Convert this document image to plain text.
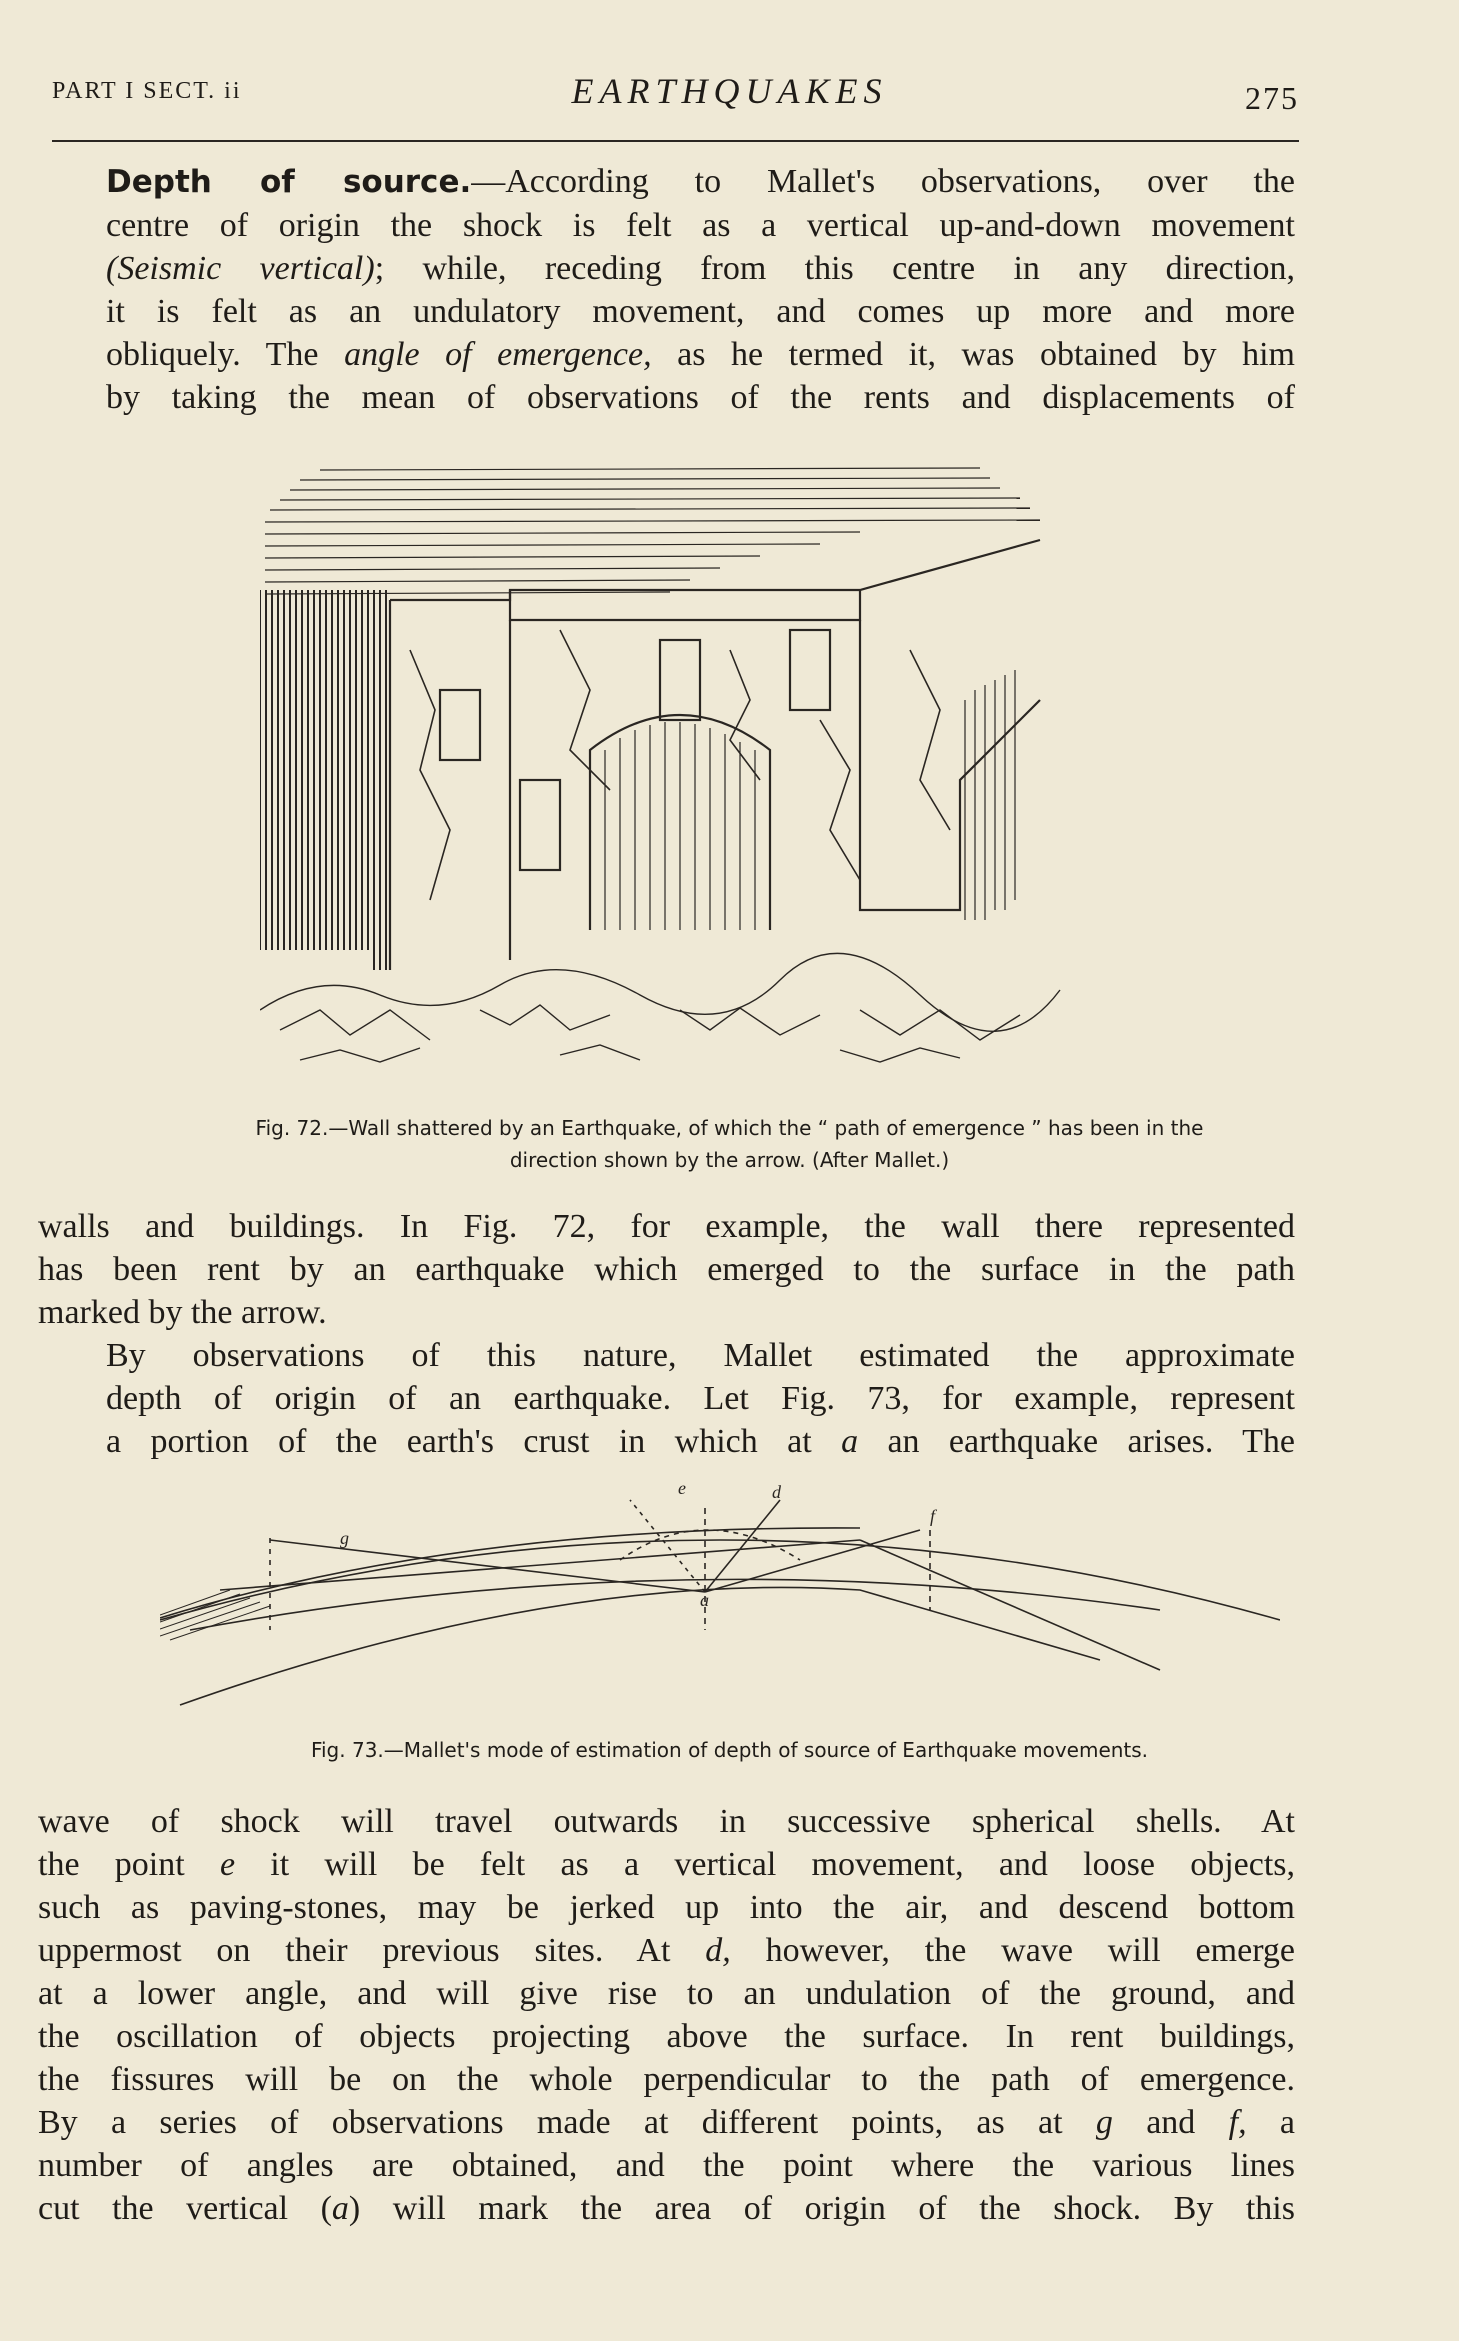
PART I SECT. ii	EARTHQUAKES	275
Depth of source.—According to Mallet's observations, over the
centre of origin the shock is felt as a vertical up-and-down movement
(Seismic vertical); while, receding from this centre in any direction,
it is felt as an undulatory movement, and comes up more and more
obliquely. The angle of emergence, as he termed it, was obtained by him
by taking the mean of observations of the rents and displacements of
Fig. 72.—Wall shattered by an Earthquake, of which the “ path of emergence ” has been in the
direction shown by the arrow. (After Mallet.)
walls and buildings. In Fig. 72, for example, the wall there represented
has been rent by an earthquake which emerged to the surface in the path
marked by the arrow.
By observations of this nature, Mallet estimated the approximate
depth of origin of an earthquake. Let Fig. 73, for example, represent
a portion of the earth's crust in which at a an earthquake arises. The
e	d
f
g
a
Fig. 73.—Mallet's mode of estimation of depth of source of Earthquake movements.
wave of shock will travel outwards in successive spherical shells. At
the point e it will be felt as a vertical movement, and loose objects,
such as paving-stones, may be jerked up into the air, and descend bottom
uppermost on their previous sites. At d, however, the wave will emerge
at a lower angle, and will give rise to an undulation of the ground, and
the oscillation of objects projecting above the surface. In rent buildings,
the fissures will be on the whole perpendicular to the path of emergence.
By a series of observations made at different points, as at g and f, a
number of angles are obtained, and the point where the various lines
cut the vertical (a) will mark the area of origin of the shock. By this
